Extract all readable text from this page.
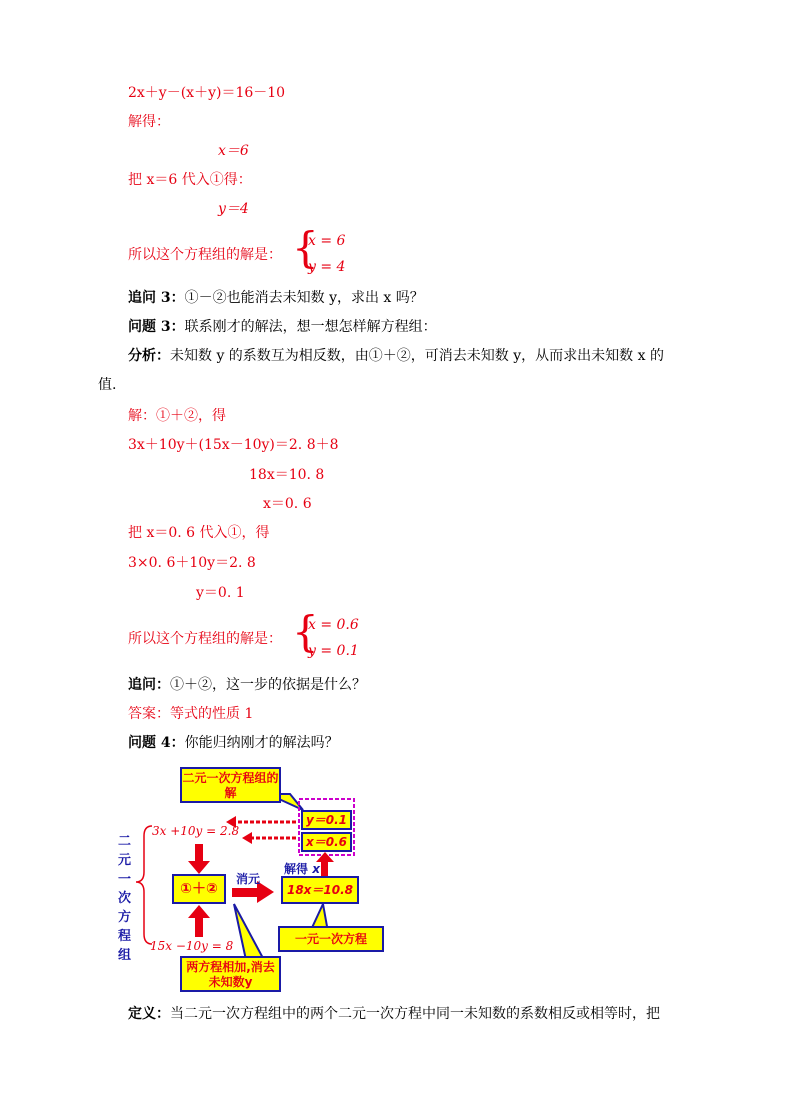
2x＋y－(x＋y)＝16－10
解得：
x＝6
把 x＝6 代入①得：
y＝4
所以这个方程组的解是： {
x = 6
y = 4
追问 3：①－②也能消去未知数 y，求出 x 吗？
问题 3：联系刚才的解法，想一想怎样解方程组：
分析：未知数 y 的系数互为相反数，由①＋②，可消去未知数 y，从而求出未知数 x 的
值.
解：①＋②，得
3x＋10y＋(15x－10y)＝2. 8＋8
18x＝10. 8
x＝0. 6
把 x＝0. 6 代入①，得
3×0. 6＋10y＝2. 8
y＝0. 1
所以这个方程组的解是： {
x = 0.6
y = 0.1
追问：①＋②，这一步的依据是什么？
答案：等式的性质 1
问题 4：你能归纳刚才的解法吗？
二元一次方程组的解
y＝0.1
x＝0.6
3x +10y = 2.8
15x −10y = 8
二元一次方程组
①＋②
消元
解得 x
18x＝10.8
一元一次方程
两方程相加,消去未知数y
定义：当二元一次方程组中的两个二元一次方程中同一未知数的系数相反或相等时，把
